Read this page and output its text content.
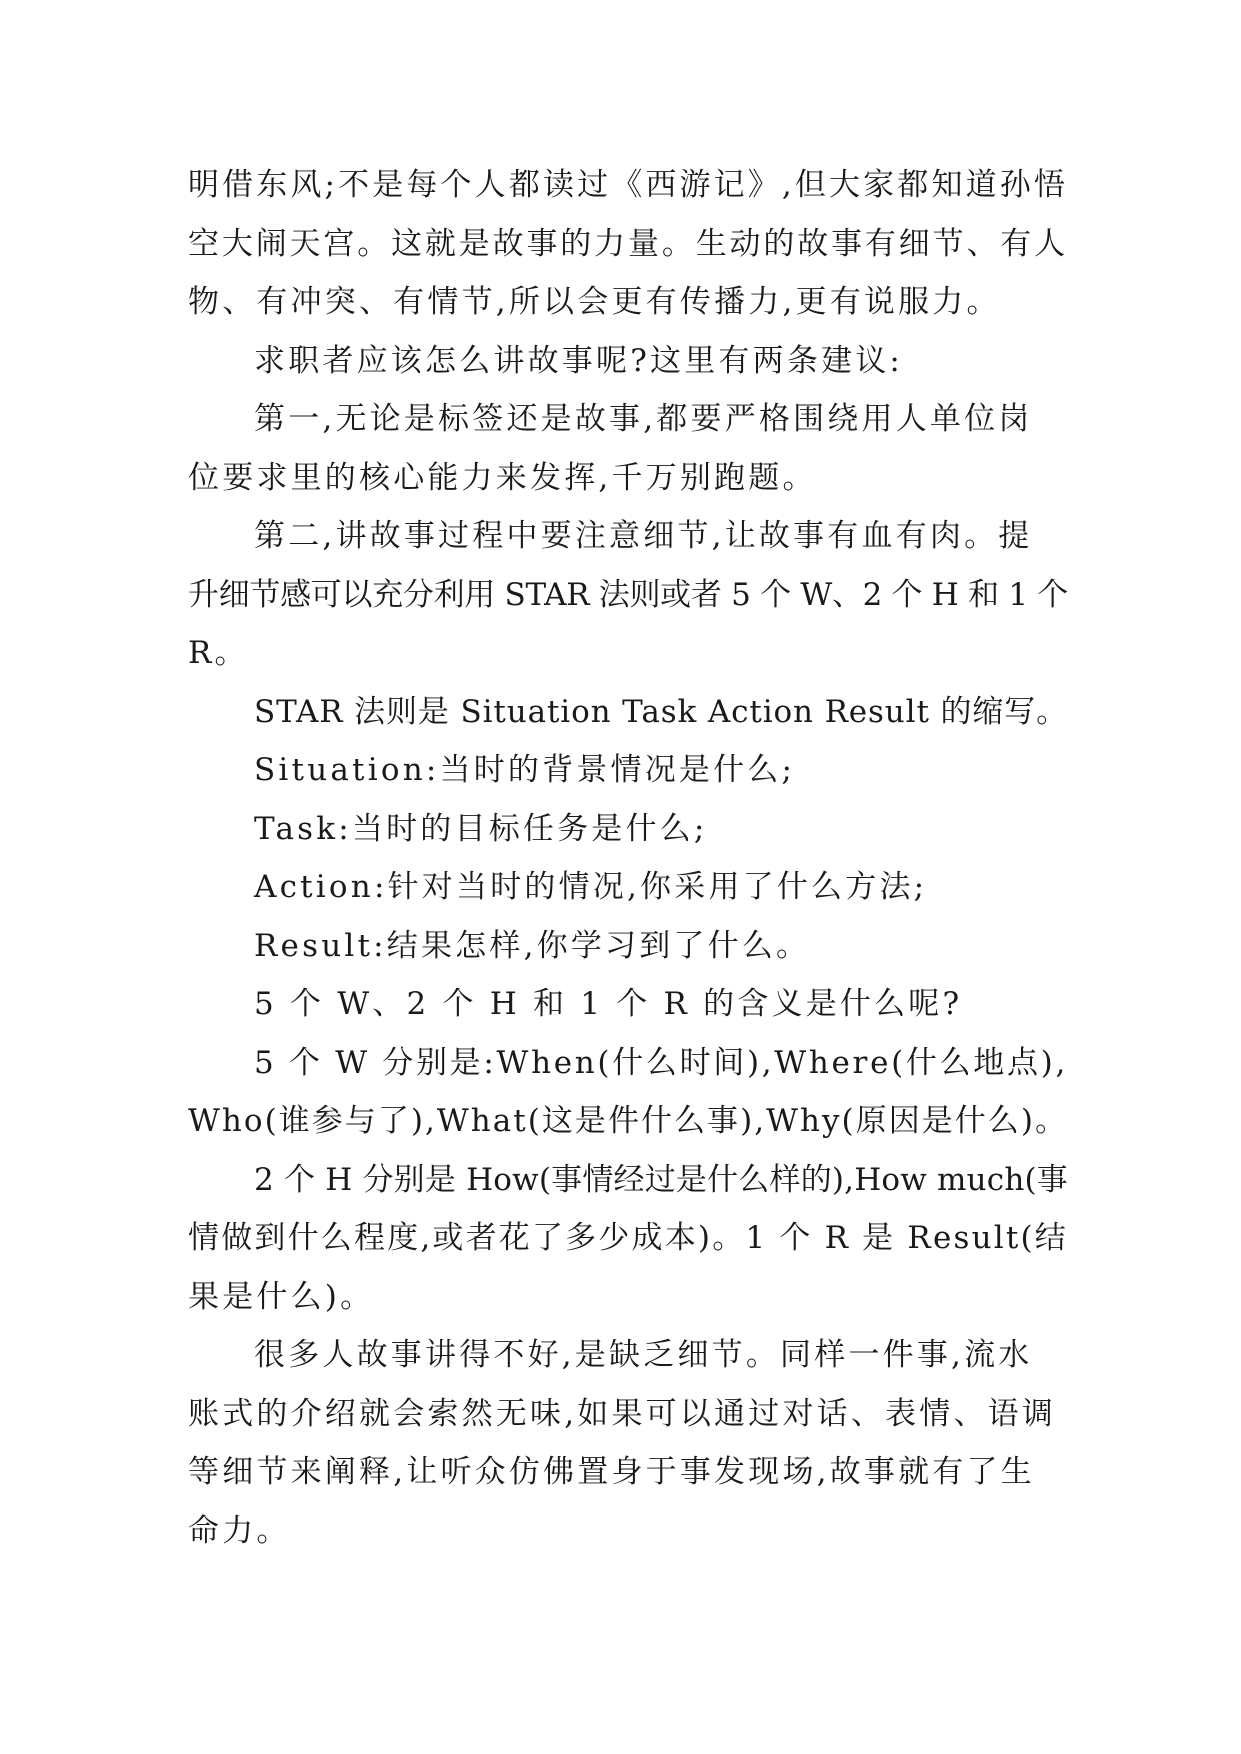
明借东风;不是每个人都读过《西游记》,但大家都知道孙悟
空大闹天宫。这就是故事的力量。生动的故事有细节、有人
物、有冲突、有情节,所以会更有传播力,更有说服力。

求职者应该怎么讲故事呢?这里有两条建议:

第一,无论是标签还是故事,都要严格围绕用人单位岗
位要求里的核心能力来发挥,千万别跑题。

第二,讲故事过程中要注意细节,让故事有血有肉。提
升细节感可以充分利用 STAR 法则或者 5 个 W、2 个 H 和 1 个
R。

STAR 法则是 Situation Task Action Result 的缩写。

Situation:当时的背景情况是什么;

Task:当时的目标任务是什么;

Action:针对当时的情况,你采用了什么方法;

Result:结果怎样,你学习到了什么。

5 个 W、2 个 H 和 1 个 R 的含义是什么呢?

5 个 W 分别是:When(什么时间),Where(什么地点),
Who(谁参与了),What(这是件什么事),Why(原因是什么)。

2 个 H 分别是 How(事情经过是什么样的),How much(事
情做到什么程度,或者花了多少成本)。1 个 R 是 Result(结
果是什么)。

很多人故事讲得不好,是缺乏细节。同样一件事,流水
账式的介绍就会索然无味,如果可以通过对话、表情、语调
等细节来阐释,让听众仿佛置身于事发现场,故事就有了生
命力。
